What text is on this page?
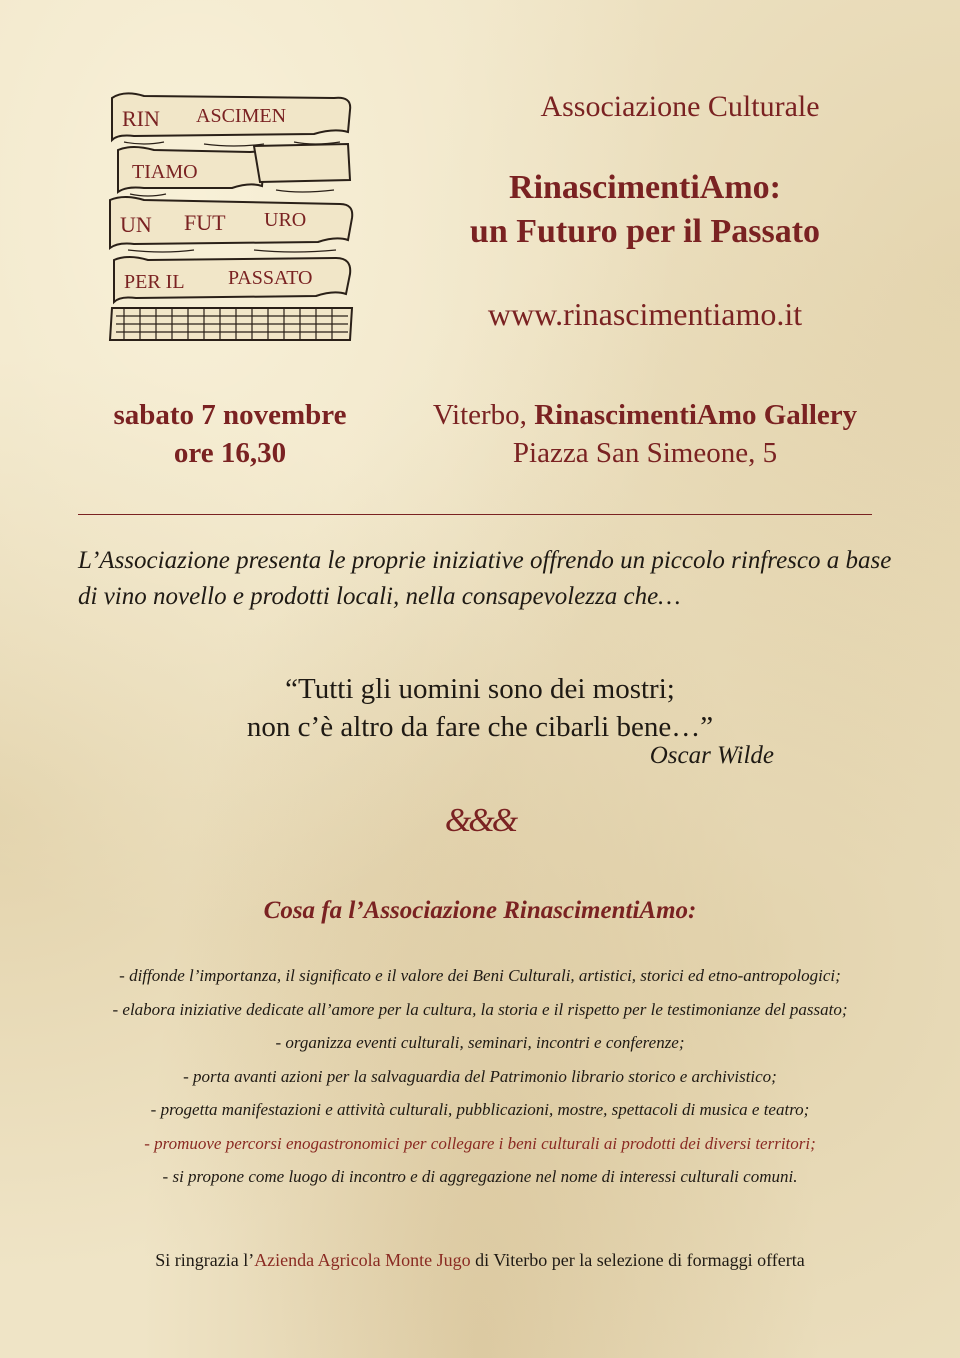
RIN ASCIMEN
TIAMO
UN FUT URO
PER IL PASSATO
Associazione Culturale
RinascimentiAmo:
un Futuro per il Passato
www.rinascimentiamo.it
sabato 7 novembre
ore 16,30
Viterbo, RinascimentiAmo Gallery
Piazza San Simeone, 5
L’Associazione presenta le proprie iniziative offrendo un piccolo rinfresco a base di vino novello e prodotti locali, nella consapevolezza che…
“Tutti gli uomini sono dei mostri;
non c’è altro da fare che cibarli bene…”
Oscar Wilde
&&&
Cosa fa l’Associazione RinascimentiAmo:
- diffonde l’importanza, il significato e il valore dei Beni Culturali, artistici, storici ed etno-antropologici;
- elabora iniziative dedicate all’amore per la cultura, la storia e il rispetto per le testimonianze del passato;
- organizza eventi culturali, seminari, incontri e conferenze;
- porta avanti azioni per la salvaguardia del Patrimonio librario storico e archivistico;
- progetta manifestazioni e attività culturali, pubblicazioni, mostre, spettacoli di musica e teatro;
- promuove percorsi enogastronomici per collegare i beni culturali ai prodotti dei diversi territori;
- si propone come luogo di incontro e di aggregazione nel nome di interessi culturali comuni.
Si ringrazia l’Azienda Agricola Monte Jugo di Viterbo per la selezione di formaggi offerta
